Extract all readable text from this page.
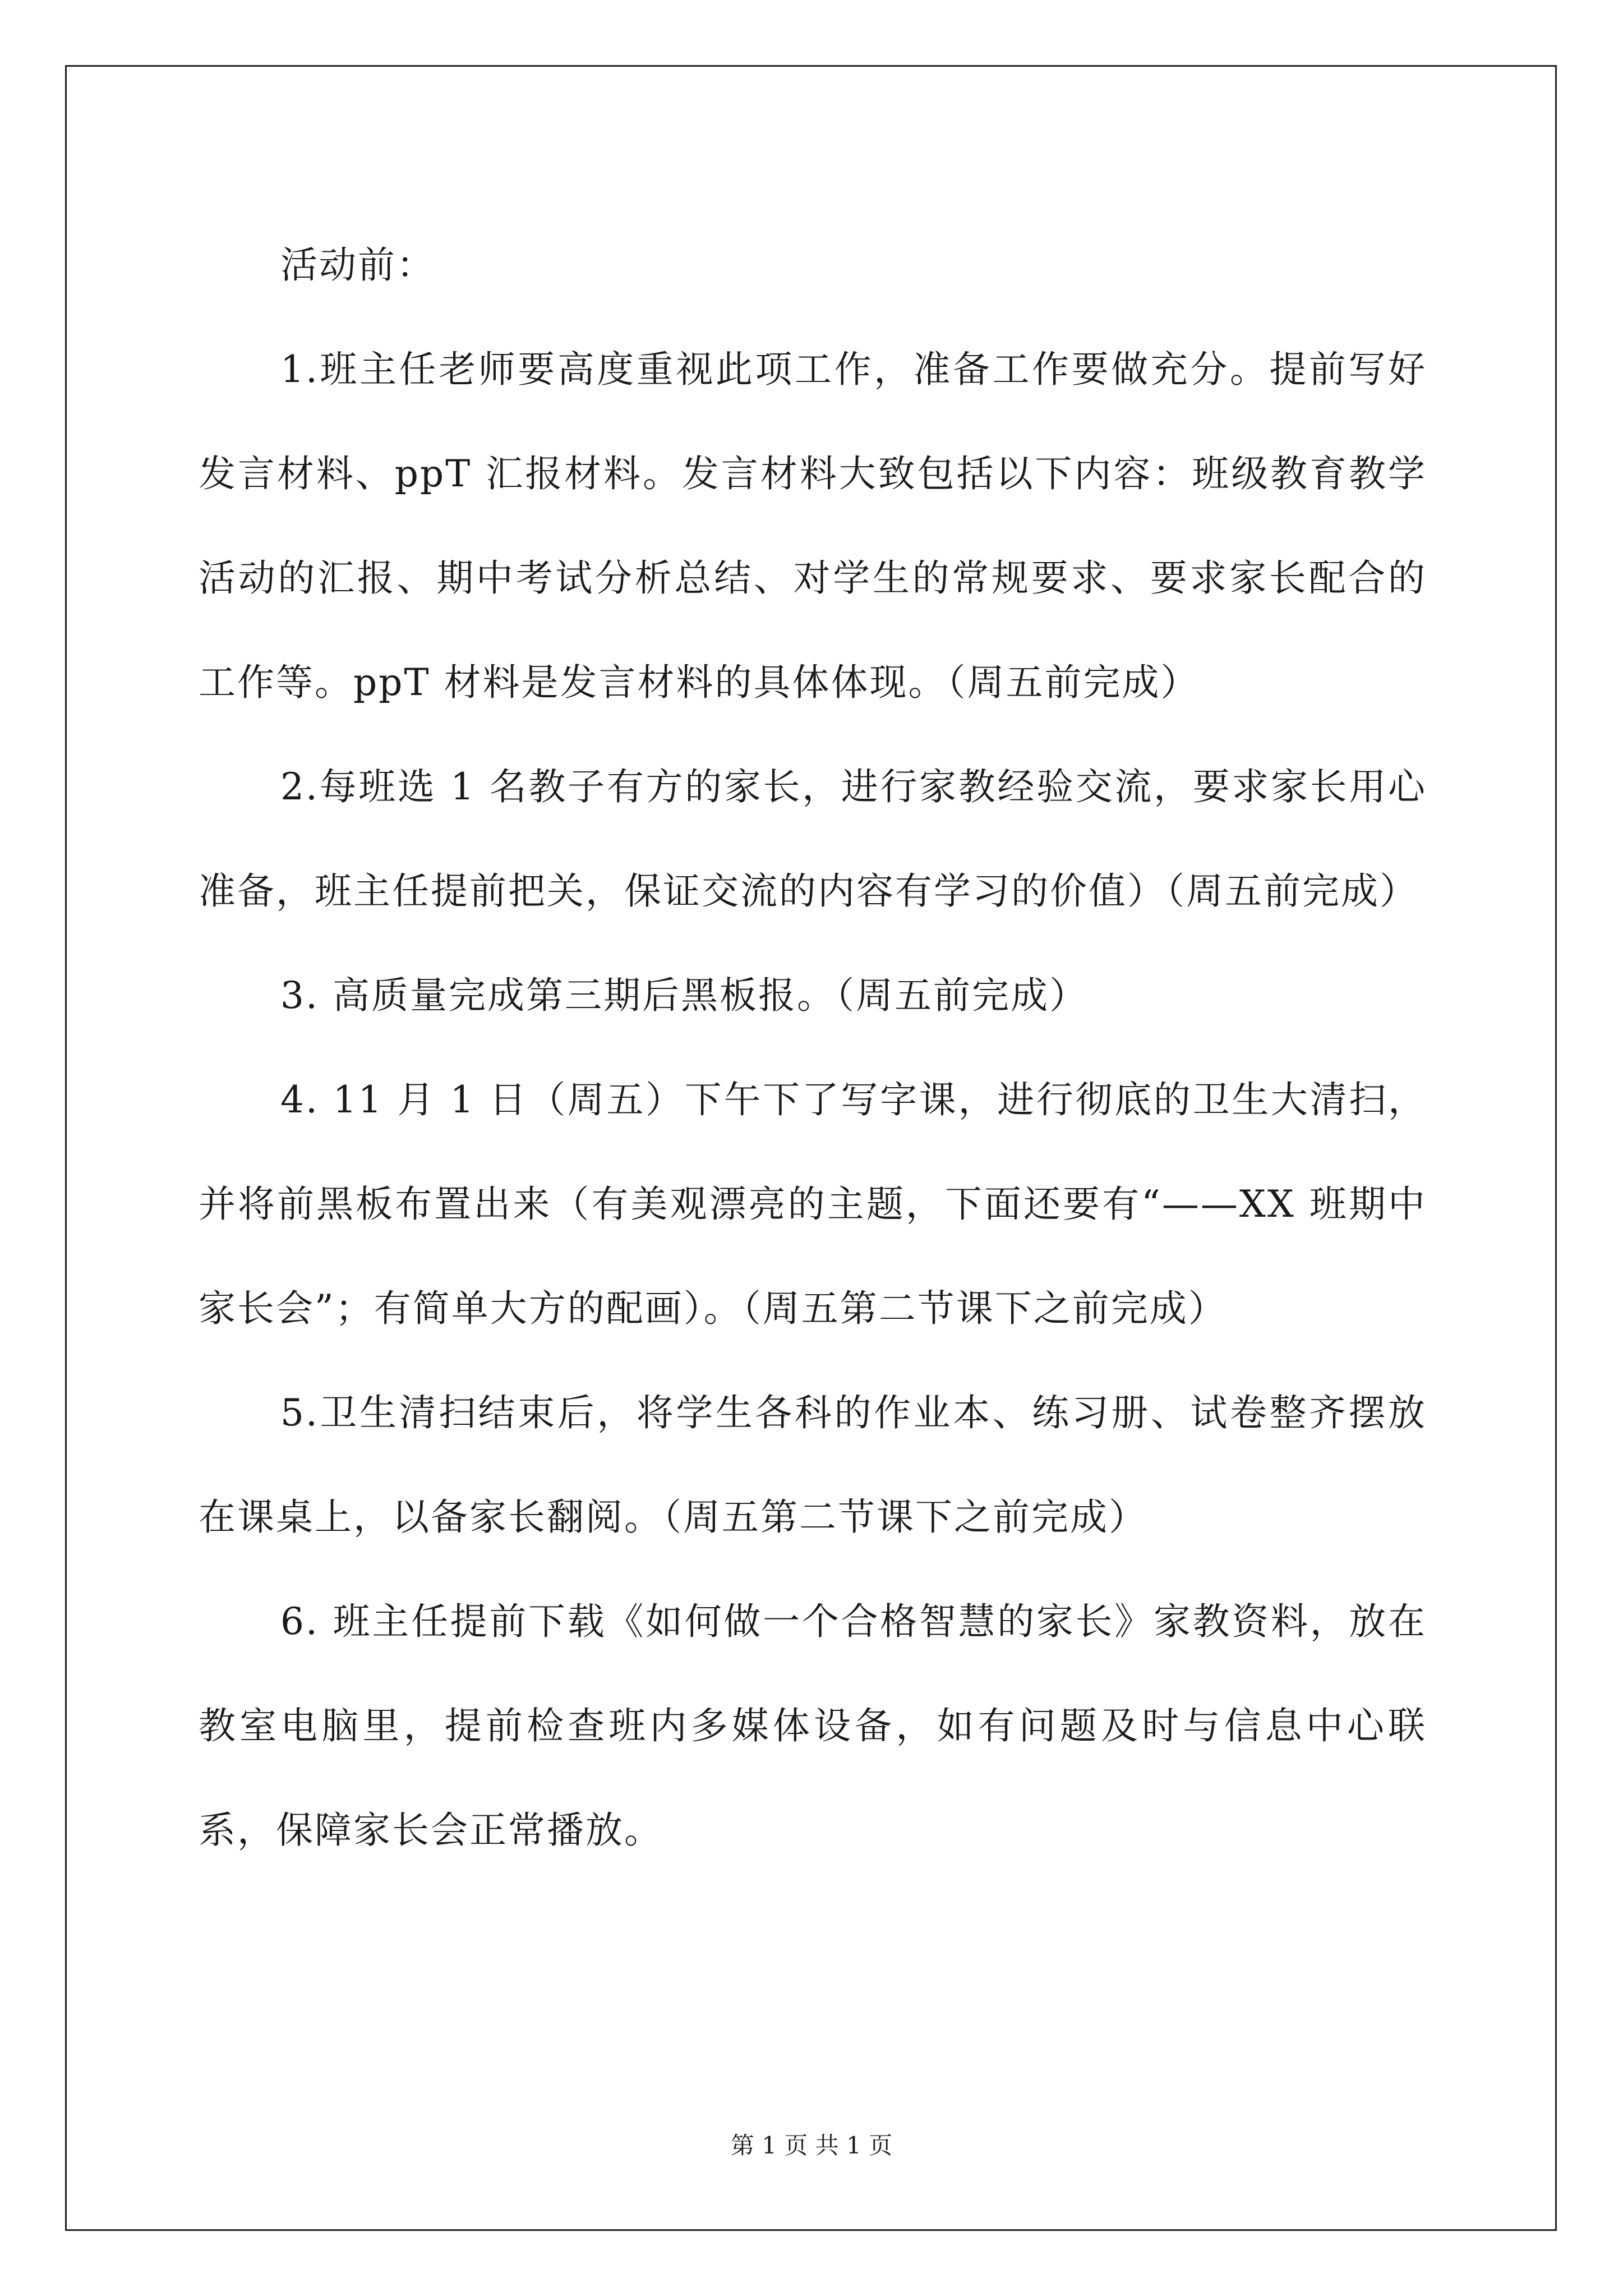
活动前：

1.班主任老师要高度重视此项工作，准备工作要做充分。提前写好发言材料、ppT 汇报材料。发言材料大致包括以下内容：班级教育教学活动的汇报、期中考试分析总结、对学生的常规要求、要求家长配合的工作等。ppT 材料是发言材料的具体体现。（周五前完成）

2.每班选 1 名教子有方的家长，进行家教经验交流，要求家长用心准备，班主任提前把关，保证交流的内容有学习的价值）（周五前完成）

3. 高质量完成第三期后黑板报。（周五前完成）

4. 11 月 1 日（周五）下午下了写字课，进行彻底的卫生大清扫，并将前黑板布置出来（有美观漂亮的主题，下面还要有“——XX 班期中家长会”；有简单大方的配画）。（周五第二节课下之前完成）

5.卫生清扫结束后，将学生各科的作业本、练习册、试卷整齐摆放在课桌上，以备家长翻阅。（周五第二节课下之前完成）

6. 班主任提前下载《如何做一个合格智慧的家长》家教资料，放在教室电脑里，提前检查班内多媒体设备，如有问题及时与信息中心联系，保障家长会正常播放。

第 1 页 共 1 页
